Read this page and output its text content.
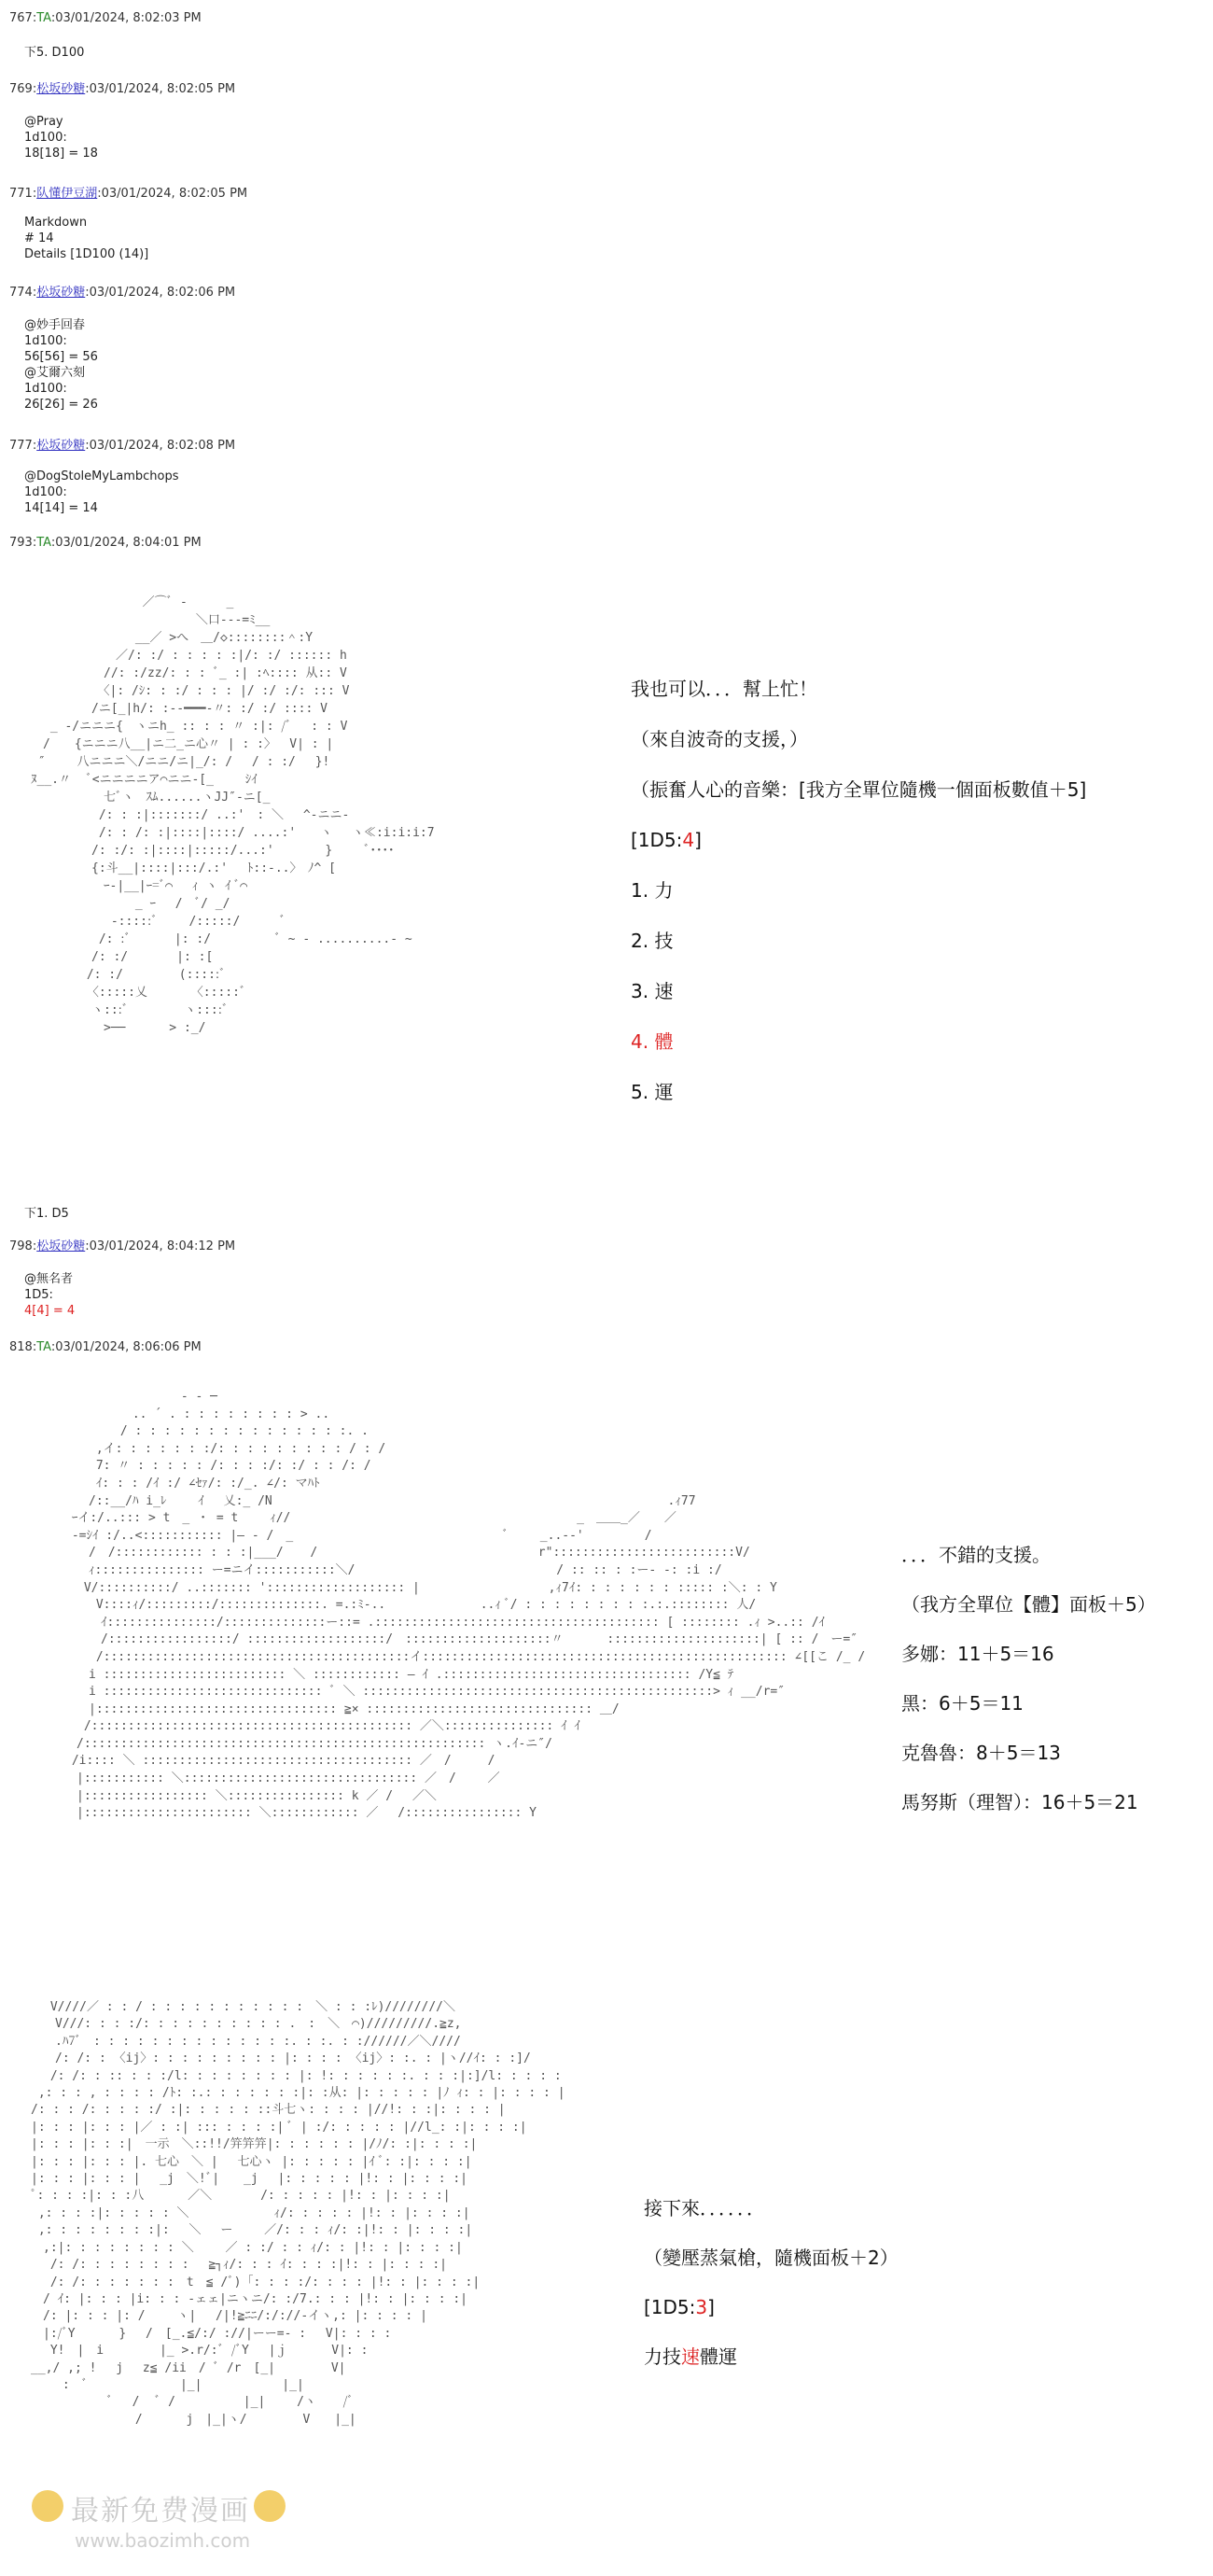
767:TA:03/01/2024, 8:02:03 PM
下5. D100
769:松坂砂糖:03/01/2024, 8:02:05 PM
@Pray
1d100:
18[18] = 18
771:队懂伊豆湖:03/01/2024, 8:02:05 PM
Markdown
# 14
Details [1D100 (14)]
774:松坂砂糖:03/01/2024, 8:02:06 PM
@妙手回春
1d100:
56[56] = 56
@艾爾六刻
1d100:
26[26] = 26
777:松坂砂糖:03/01/2024, 8:02:08 PM
@DogStoleMyLambchops
1d100:
14[14] = 14
793:TA:03/01/2024, 8:04:01 PM
　　　　　　　　　 ／⌒ﾞ - 　　 _
　　　　　　　　　　　　　　 ＼口---=ﾐ__
　　　　　　　　　 __／ >へ　＿/◇::::::::＾:Y
　　　　　　　　／/: :/ : : : : :|/: :/ :::::: h
　　　　　　　//: :/zz/: : : ﾞ_ :| :ﾍ:::: 从:: V
　　　　　　　〈|: /ｼ: : :/ : : : |/ :/ :/: ::: V
　　　　　　/ニ[_|h/: :--━━━-〃: :/ :/ :::: V
　　 _ -/ニニニ{　ヽニh_ :: : : 〃 :|: /ﾞ　 : : V
　　/　　{ニニニ八__|ニ二_ニ心〃 | : :〉　 V| : |
　 ″　　 八ニニニ＼/ニニ/ニ|_/: /　 / : :/　 }!
　ﾇ__.〃　 ﾞ<ニニニニア⌒ニニ-[_　　 ｼｲ
　　　　　　　七ﾞヽ　ｽﾑ......ヽJJ″-ニ[_
　　　　　　 /: : :|:::::::/ ..:'　: ＼　 ^-ニニ-
　　　　　　 /: : /: :|::::|::::/ ....:'　　ヽ　 ヽ≪:i:i:i:7
　　　　　　/: :/: :|::::|:::::/...:'　 　　 }　　 ﾞ････
　　　　　　{:斗__|::::|:::/.:'　 ﾄ::-..〉　ﾉ^ [
　　　　　　　ｰ-|__|ｰ=ﾞ⌒　 ｨ ヽ ｲ ﾞ⌒
　　　　　　　　 　_ ｰ　 /　ﾞ/ _/
　　　　　　　 -:::::ﾞ　　 /:::::/　　　 ﾞ
　　　　　　 /: :ﾞ　　　 |: :/　　　　　 ﾞ ~ - ..........- ~
　　　　　　/: :/　　　　|: :[
　　　　　 /: :/　　　　 (:::::ﾞ
　　　　　 〈:::::乂　　　 〈:::::ﾞ
　　　　　　ヽ:::ﾞ　　　　 ヽ::::ﾞ
　　　　　　　>──　　　 > :_/
我也可以．．．幫上忙！
（來自波奇的支援，）
（振奮人心的音樂：[我方全單位隨機一個面板數值＋5]
[1D5:4]
1. 力
2. 技
3. 速
4. 體
5. 運
下1. D5
798:松坂砂糖:03/01/2024, 8:04:12 PM
@無名者
1D5:
4[4] = 4
818:TA:03/01/2024, 8:06:06 PM
　　　　　　　　　　　　 - ‐ ─
　　　　　　　　 .. ´ . : : : : : : : : > ..
　　　　　　　 / : : : : : : : : : : : : : : :. .
　　　　　 ,イ: : : : : : :/: : : : : : : : : / : /
　　　　　 7: 〃 : : : : : /: : : :/: :/ : : /: /
　　　　　 ｲ: : : /ｲ :/ ∠ｾｧ/: :/_. ∠/: マﾊﾄ
　　　　　/::__/ﾊ i_ﾚ　　 ｲ　 乂:_ /N　　　　　　　　　　　　　　　　　　　　　　　　 　　　　　　　　.ｨ77
　　　 ｰイ:/..::: > t　_ ・ = t　　 ｨ//　　　　　　　　　　　　　　　　　　 　　　　　_　＿＿_／　　／
　　　 -=ｼｲ :/..<::::::::::: |— - /　_　　　　　　　　　　　　　　　　　 ﾞ　　 _..-‐'　　　　　/
　　　　　/　/:::::::::::: : : :|___/ 　 /　　　　　　　　　　　　　　　　 　 r":::::::::::::::::::::::::V/
　　　　　ｨ::::::::::::::: ー=ニイ:::::::::::＼/　　　　　　　　　　　 　　　　　/ :: :: : :ー- -: :i :/
　　　　 V/::::::::::/ ..::::::: '::::::::::::::::::: |　　　　　　　　　 　,ｨ7ｲ: : : : : : : ::::: :＼: : Y
　　　　　 V::::ｨ/:::::::::/::::::::::::::. =.:ﾐ-.. 　 　　　　　 ..ｨ ﾞ/ : : : : : : : : :.:.:::::::: 人/
　　　　　　ｲ:::::::::::::::/::::::::::::::ー::= .::::::::::::::::::::::::::::::::::::::: [ :::::::: .ｨ >..:: /ｲ
　　　　　　/:::::::::::::::::/ :::::::::::::::::::/　::::::::::::::::::::〃　　　 :::::::::::::::::::::| [ :: /　ー=″
　　　　　 /::::::::::::::::::::::::::::::::::::::::::イ:::::::::::::::::::::::::::::::::::::::::::::::::: ∠[[こ /_ /
　　　　　i ::::::::::::::::::::::::: ＼ :::::::::::: — ｲ .:::::::::::::::::::::::::::::::::: /Y≦ ﾃ
　　　　　i :::::::::::::::::::::::::::::: ﾞ ＼ ::::::::::::::::::::::::::::::::::::::::::::::::> ｨ __/r=″
　　　　　|::::::::::::::::::::::::::::::::: ≧× ::::::::::::::::::::::::::::::: ＿/
　　　　 /:::::::::::::::::::::::::::::::::::::::::::: ／＼::::::::::::::: ｲ ｲ
　　　　/::::::::::::::::::::::::::::::::::::::::::::::::::::::: ヽ.ｲ-ニ″/
　　　 /i:::: ＼ ::::::::::::::::::::::::::::::::::::: ／　/　　　/
　　　　|::::::::::: ＼:::::::::::::::::::::::::::::::: ／　/　　 ／
　　　　|::::::::::::::::: ＼:::::::::::::::: k ／ /　 ／＼
　　　　|::::::::::::::::::::::: ＼:::::::::::: ／　 /:::::::::::::::: Y
．．．不錯的支援。
（我方全單位【體】面板＋5）
多娜：11＋5＝16
黑：6＋5＝11
克魯魯：8＋5＝13
馬努斯（理智）：16＋5＝21
　　 V////／ : : / : : : : : : : : : : :　＼ : : :ﾚ)////////＼
　　　V///: : : :/: : : : : : : : : : .　:　＼　⌒)/////////.≧z,
　　　.ﾊ7ﾞ　: : : : : : : : : : : : : :. : :. : ://////／＼////
　　　/: /: : 〈ij〉: : : : : : : : : |: : : : 〈ij〉: :. : |ヽ//ｲ: : :]/
　　 /: /: : :: : : :/l: : : : : : : : |: !: : : : : :. : : :|:]/l: : : : :
　 ,: : : , : : : : /ﾄ: :.: : : : : : :|: :从: |: : : : : |ﾉ ｨ: : |: : : : |
　/: : : /: : : : :/ :|: : : : : ::斗七ヽ: : : : |//!: : :|: : : : |
　|: : : |: : : |／ : :| ::: : : : :| ﾞ | :/: : : : : |//l_: :|: : : :|
　|: : : |: : :|　一示　＼::!!/笄笄笄|: : : : : : |/ﾉ/: :|: : : :|
　|: : : |: : : |. 七心　＼ |　 七心ヽ |: : : : : |ｲ ﾞ: :|: : : :|
　|: : : |: : : |　 _j　＼!ﾞ|　　_j　 |: : : : : |!: : |: : : :|
　ﾟ: : : :|: : :八　　　 ／＼　　　　/: : : : : |!: : |: : : :|
　 ,: : : :|: : : : : ＼　　　　　　　ｨ/: : : : : |!: : |: : : :|
　 ,: : : : : : : :|:　 ＼　 ー　　 ／/: : : ｨ/: :|!: : |: : : :|
　　,:|: : : : : : : : ＼　　 ／ : :/ : : ｨ/: : |!: : |: : : :|
　　 /: /: : : : : : : :　 ≧┐ｨ/: : : ｲ: : : :|!: : |: : : :|
　　 /: /: : : : : : :　t　≦ /ﾞ)「: : : :/: : : : |!: : |: : : :|
　　/ ｲ: |: : : |i: : : -ェェ|ニヽニ/: :/7.: : : |!: : |: : : :|
　　/: |: : : |: /　　 ヽ|　 /|!≧ﾆﾆ/:/://-イヽ,: |: : : : |
　　|:/ﾞY　　　 }　 /　[_.≦/:/ ://|ーー=- :　 V|: : : :
　　 Y!　|　i　　　　 |_ >.r/:ﾞ /ﾞY　 |ｊ　　　 V|: :
　__,/ ,; ! 　j　 z≦ /ii　/ ﾞ /r　[_|　　　　 V|
　　　 :　ﾞ　　　　　　　 |_|　　　　　　 |_|
　　　　　　　 ﾞ　 /　 ﾞ /　　　　　 |_|　　 /ヽ 　 /ﾞ
　　　　　　　　　 /　　　 j　|_|ヽ/　　　　 V　　|_|
接下來．．．．．．
（變壓蒸氣槍，隨機面板＋2）
[1D5:3]
力技速體運
最新免费漫画
www.baozimh.com
